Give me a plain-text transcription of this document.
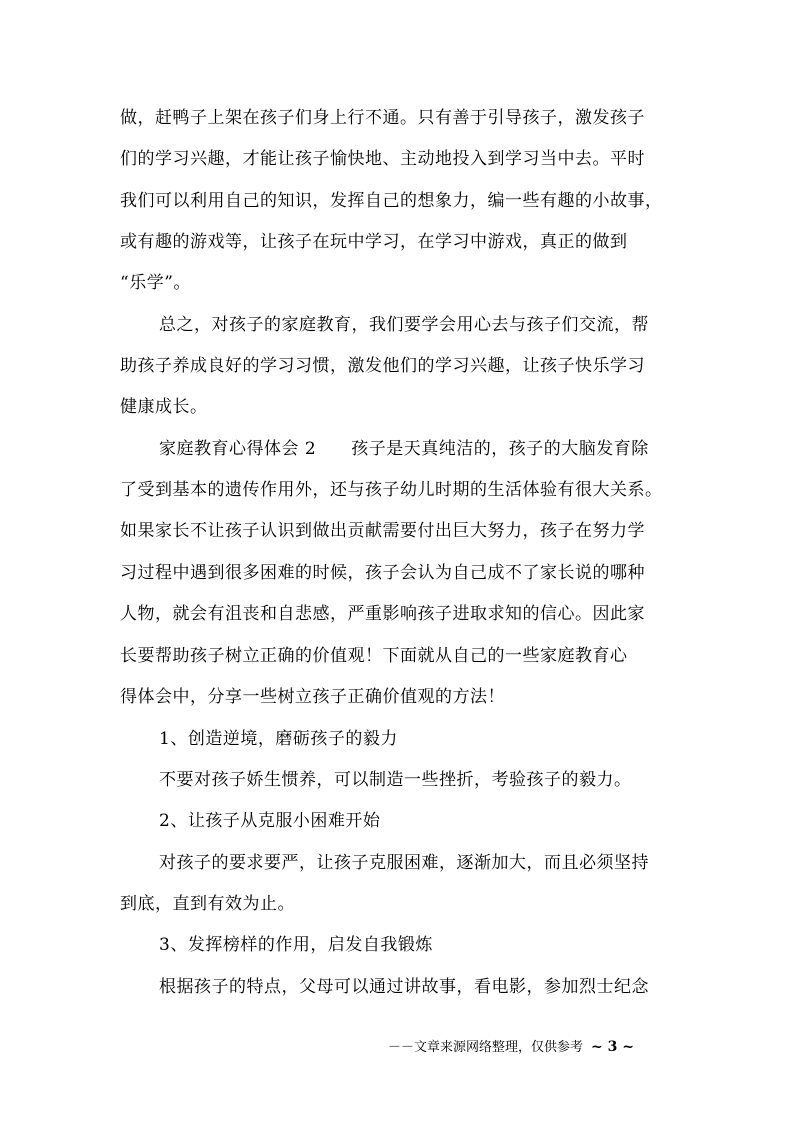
做，赶鸭子上架在孩子们身上行不通。只有善于引导孩子，激发孩子
们的学习兴趣，才能让孩子愉快地、主动地投入到学习当中去。平时
我们可以利用自己的知识，发挥自己的想象力，编一些有趣的小故事，
或有趣的游戏等，让孩子在玩中学习，在学习中游戏，真正的做到
“乐学”。
总之，对孩子的家庭教育，我们要学会用心去与孩子们交流，帮
助孩子养成良好的学习习惯，激发他们的学习兴趣，让孩子快乐学习
健康成长。
家庭教育心得体会 2　　孩子是天真纯洁的，孩子的大脑发育除
了受到基本的遗传作用外，还与孩子幼儿时期的生活体验有很大关系。
如果家长不让孩子认识到做出贡献需要付出巨大努力，孩子在努力学
习过程中遇到很多困难的时候，孩子会认为自己成不了家长说的哪种
人物，就会有沮丧和自悲感，严重影响孩子进取求知的信心。因此家
长要帮助孩子树立正确的价值观！下面就从自己的一些家庭教育心
得体会中，分享一些树立孩子正确价值观的方法！
1、创造逆境，磨砺孩子的毅力
不要对孩子娇生惯养，可以制造一些挫折，考验孩子的毅力。
2、让孩子从克服小困难开始
对孩子的要求要严，让孩子克服困难，逐渐加大，而且必须坚持
到底，直到有效为止。
3、发挥榜样的作用，启发自我锻炼
根据孩子的特点，父母可以通过讲故事，看电影，参加烈士纪念
－－文章来源网络整理，仅供参考 ~ 3 ~
